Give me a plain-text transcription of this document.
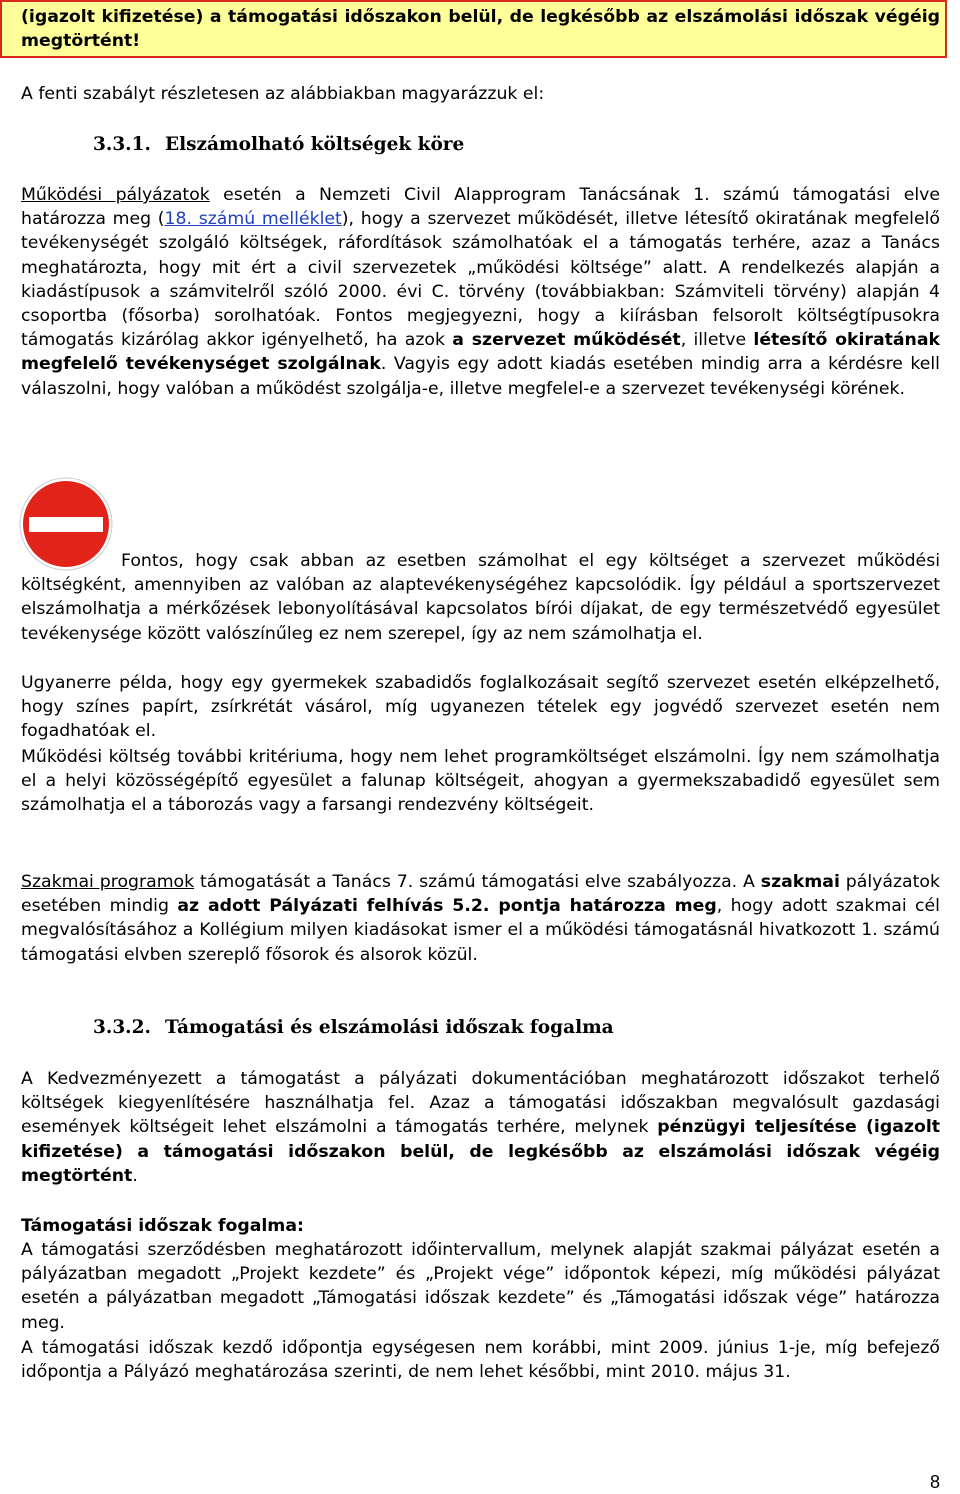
(igazolt kifizetése) a támogatási időszakon belül, de legkésőbb az elszámolási időszak végéig megtörtént!

A fenti szabályt részletesen az alábbiakban magyarázzuk el:

3.3.1. Elszámolható költségek köre

Működési pályázatok esetén a Nemzeti Civil Alapprogram Tanácsának 1. számú támogatási elve határozza meg (18. számú melléklet), hogy a szervezet működését, illetve létesítő okiratának megfelelő tevékenységét szolgáló költségek, ráfordítások számolhatóak el a támogatás terhére, azaz a Tanács meghatározta, hogy mit ért a civil szervezetek „működési költsége” alatt. A rendelkezés alapján a kiadástípusok a számvitelről szóló 2000. évi C. törvény (továbbiakban: Számviteli törvény) alapján 4 csoportba (fősorba) sorolhatóak. Fontos megjegyezni, hogy a kiírásban felsorolt költségtípusokra támogatás kizárólag akkor igényelhető, ha azok a szervezet működését, illetve létesítő okiratának megfelelő tevékenységet szolgálnak. Vagyis egy adott kiadás esetében mindig arra a kérdésre kell válaszolni, hogy valóban a működést szolgálja-e, illetve megfelel-e a szervezet tevékenységi körének.

Fontos, hogy csak abban az esetben számolhat el egy költséget a szervezet működési költségként, amennyiben az valóban az alaptevékenységéhez kapcsolódik. Így például a sportszervezet elszámolhatja a mérkőzések lebonyolításával kapcsolatos bírói díjakat, de egy természetvédő egyesület tevékenysége között valószínűleg ez nem szerepel, így az nem számolhatja el.

Ugyanerre példa, hogy egy gyermekek szabadidős foglalkozásait segítő szervezet esetén elképzelhető, hogy színes papírt, zsírkrétát vásárol, míg ugyanezen tételek egy jogvédő szervezet esetén nem fogadhatóak el.

Működési költség további kritériuma, hogy nem lehet programköltséget elszámolni. Így nem számolhatja el a helyi közösségépítő egyesület a falunap költségeit, ahogyan a gyermekszabadidő egyesület sem számolhatja el a táborozás vagy a farsangi rendezvény költségeit.

Szakmai programok támogatását a Tanács 7. számú támogatási elve szabályozza. A szakmai pályázatok esetében mindig az adott Pályázati felhívás 5.2. pontja határozza meg, hogy adott szakmai cél megvalósításához a Kollégium milyen kiadásokat ismer el a működési támogatásnál hivatkozott 1. számú támogatási elvben szereplő fősorok és alsorok közül.

3.3.2. Támogatási és elszámolási időszak fogalma

A Kedvezményezett a támogatást a pályázati dokumentációban meghatározott időszakot terhelő költségek kiegyenlítésére használhatja fel. Azaz a támogatási időszakban megvalósult gazdasági események költségeit lehet elszámolni a támogatás terhére, melynek pénzügyi teljesítése (igazolt kifizetése) a támogatási időszakon belül, de legkésőbb az elszámolási időszak végéig megtörtént.

Támogatási időszak fogalma:

A támogatási szerződésben meghatározott időintervallum, melynek alapját szakmai pályázat esetén a pályázatban megadott „Projekt kezdete” és „Projekt vége” időpontok képezi, míg működési pályázat esetén a pályázatban megadott „Támogatási időszak kezdete” és „Támogatási időszak vége” határozza meg.

A támogatási időszak kezdő időpontja egységesen nem korábbi, mint 2009. június 1-je, míg befejező időpontja a Pályázó meghatározása szerinti, de nem lehet későbbi, mint 2010. május 31.

8
